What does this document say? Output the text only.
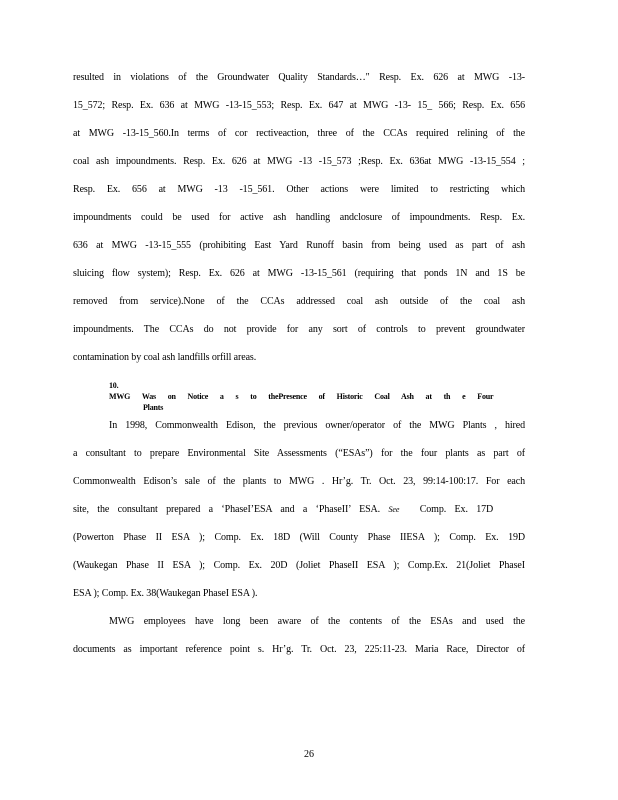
resulted in violations of the Groundwater Quality Standards…" Resp. Ex. 626 at MWG -13-
15_572; Resp. Ex. 636 at MWG -13-15_553; Resp. Ex. 647 at MWG -13- 15_ 566; Resp. Ex. 656
at MWG -13-15_560.In terms of cor rectiveaction, three of the CCAs required relining of the
coal ash impoundments. Resp. Ex. 626 at MWG -13 -15_573 ;Resp. Ex. 636at MWG -13-15_554 ;
Resp. Ex. 656 at MWG -13 -15_561. Other actions were limited to restricting which
impoundments could be used for active ash handling andclosure of impoundments. Resp. Ex.
636 at MWG -13-15_555 (prohibiting East Yard Runoff basin from being used as part of ash
sluicing flow system); Resp. Ex. 626 at MWG -13-15_561 (requiring that ponds 1N and 1S be
removed from service).None of the CCAs addressed coal ash outside of the coal ash
impoundments. The CCAs do not provide for any sort of controls to prevent groundwater
contamination by coal ash landfills orfill areas.
10.MWG Was on Notice a s to thePresence of Historic Coal Ash at th e Four
Plants
In 1998, Commonwealth Edison, the previous owner/operator of the MWG Plants , hired
a consultant to prepare Environmental Site Assessments (“ESAs”) for the four plants as part of
Commonwealth Edison’s sale of the plants to MWG . Hr’g. Tr. Oct. 23, 99:14-100:17. For each
site, the consultant prepared a ‘PhaseI’ESA and a ‘PhaseII’ ESA. See Comp. Ex. 17D
(Powerton Phase II ESA ); Comp. Ex. 18D (Will County Phase IIESA ); Comp. Ex. 19D
(Waukegan Phase II ESA ); Comp. Ex. 20D (Joliet PhaseII ESA ); Comp.Ex. 21(Joliet PhaseI
ESA ); Comp. Ex. 38(Waukegan PhaseI ESA ).
MWG employees have long been aware of the contents of the ESAs and used the
documents as important reference point s. Hr’g. Tr. Oct. 23, 225:11-23. Maria Race, Director of
26
